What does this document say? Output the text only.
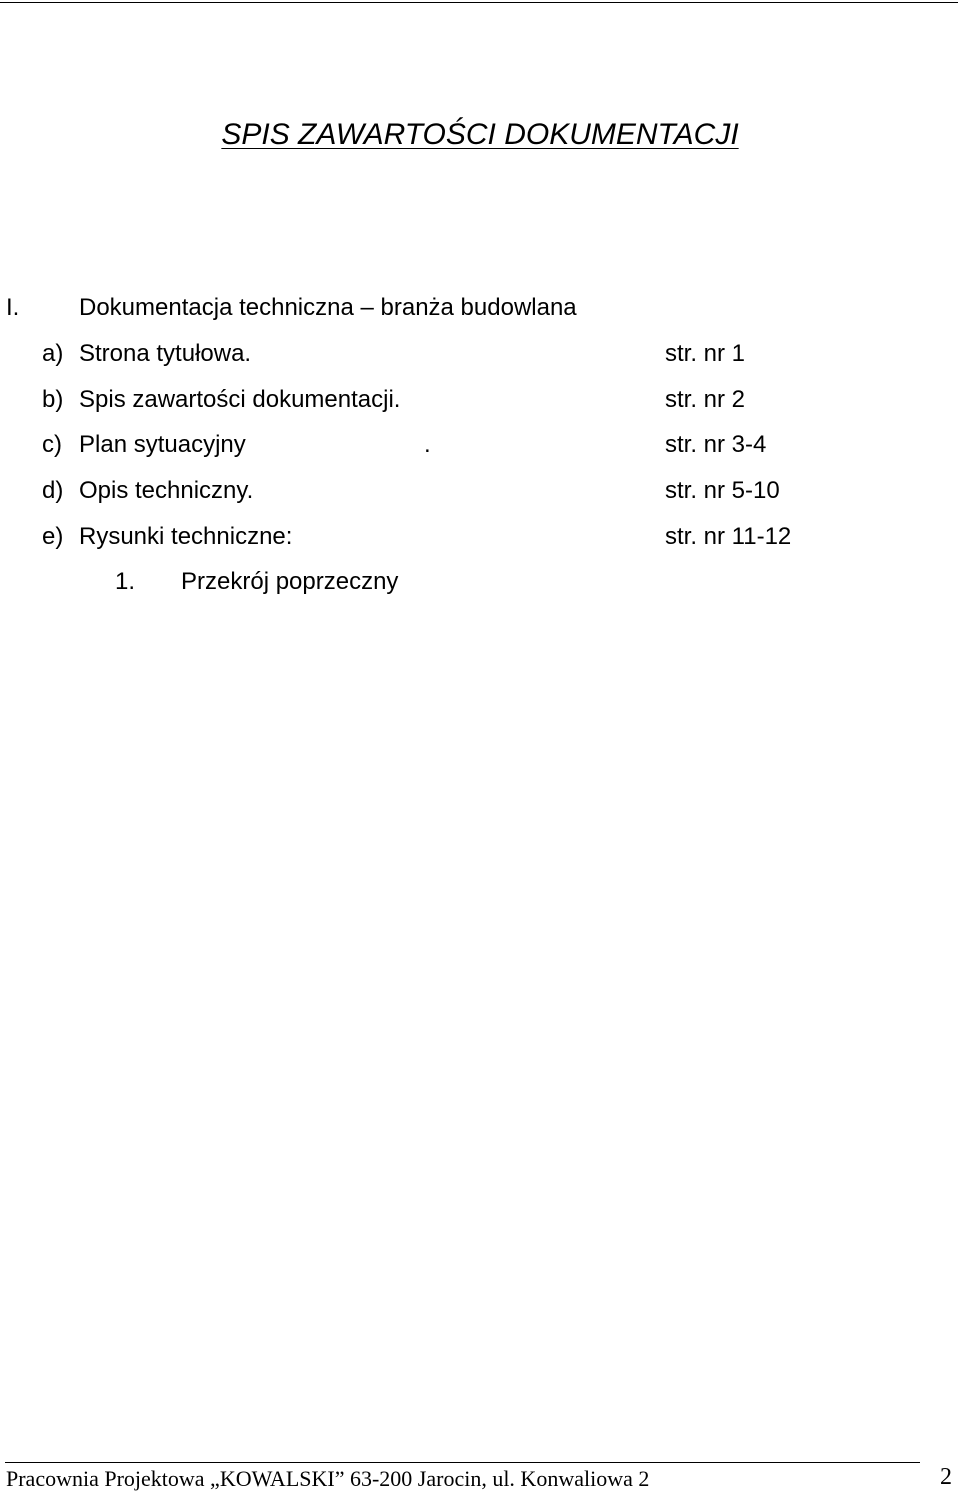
SPIS ZAWARTOŚCI DOKUMENTACJI
I. Dokumentacja techniczna – branża budowlana
a) Strona tytułowa.	str. nr 1
b) Spis zawartości dokumentacji.	str. nr 2
c) Plan sytuacyjny	.	str. nr 3-4
d) Opis techniczny.	str. nr 5-10
e) Rysunki techniczne:	str. nr 11-12
1. Przekrój poprzeczny
Pracownia Projektowa „KOWALSKI” 63-200 Jarocin, ul. Konwaliowa 2	2
